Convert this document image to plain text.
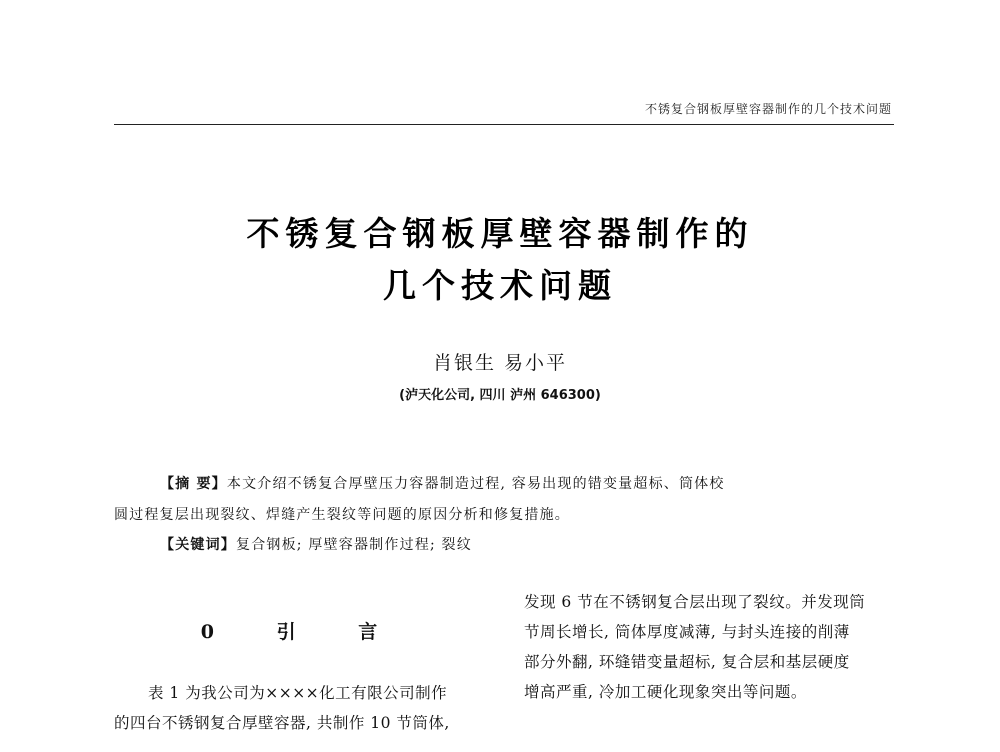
不锈复合钢板厚壁容器制作的几个技术问题
不锈复合钢板厚壁容器制作的
几个技术问题
肖银生 易小平
(泸天化公司, 四川 泸州 646300)
【摘 要】本文介绍不锈复合厚壁压力容器制造过程, 容易出现的错变量超标、筒体校
圆过程复层出现裂纹、焊缝产生裂纹等问题的原因分析和修复措施。
【关键词】复合钢板; 厚壁容器制作过程; 裂纹
0 引 言
表 1 为我公司为××××化工有限公司制作
的四台不锈钢复合厚壁容器, 共制作 10 节筒体,
发现 6 节在不锈钢复合层出现了裂纹。并发现筒
节周长增长, 筒体厚度减薄, 与封头连接的削薄
部分外翻, 环缝错变量超标, 复合层和基层硬度
增高严重, 冷加工硬化现象突出等问题。
